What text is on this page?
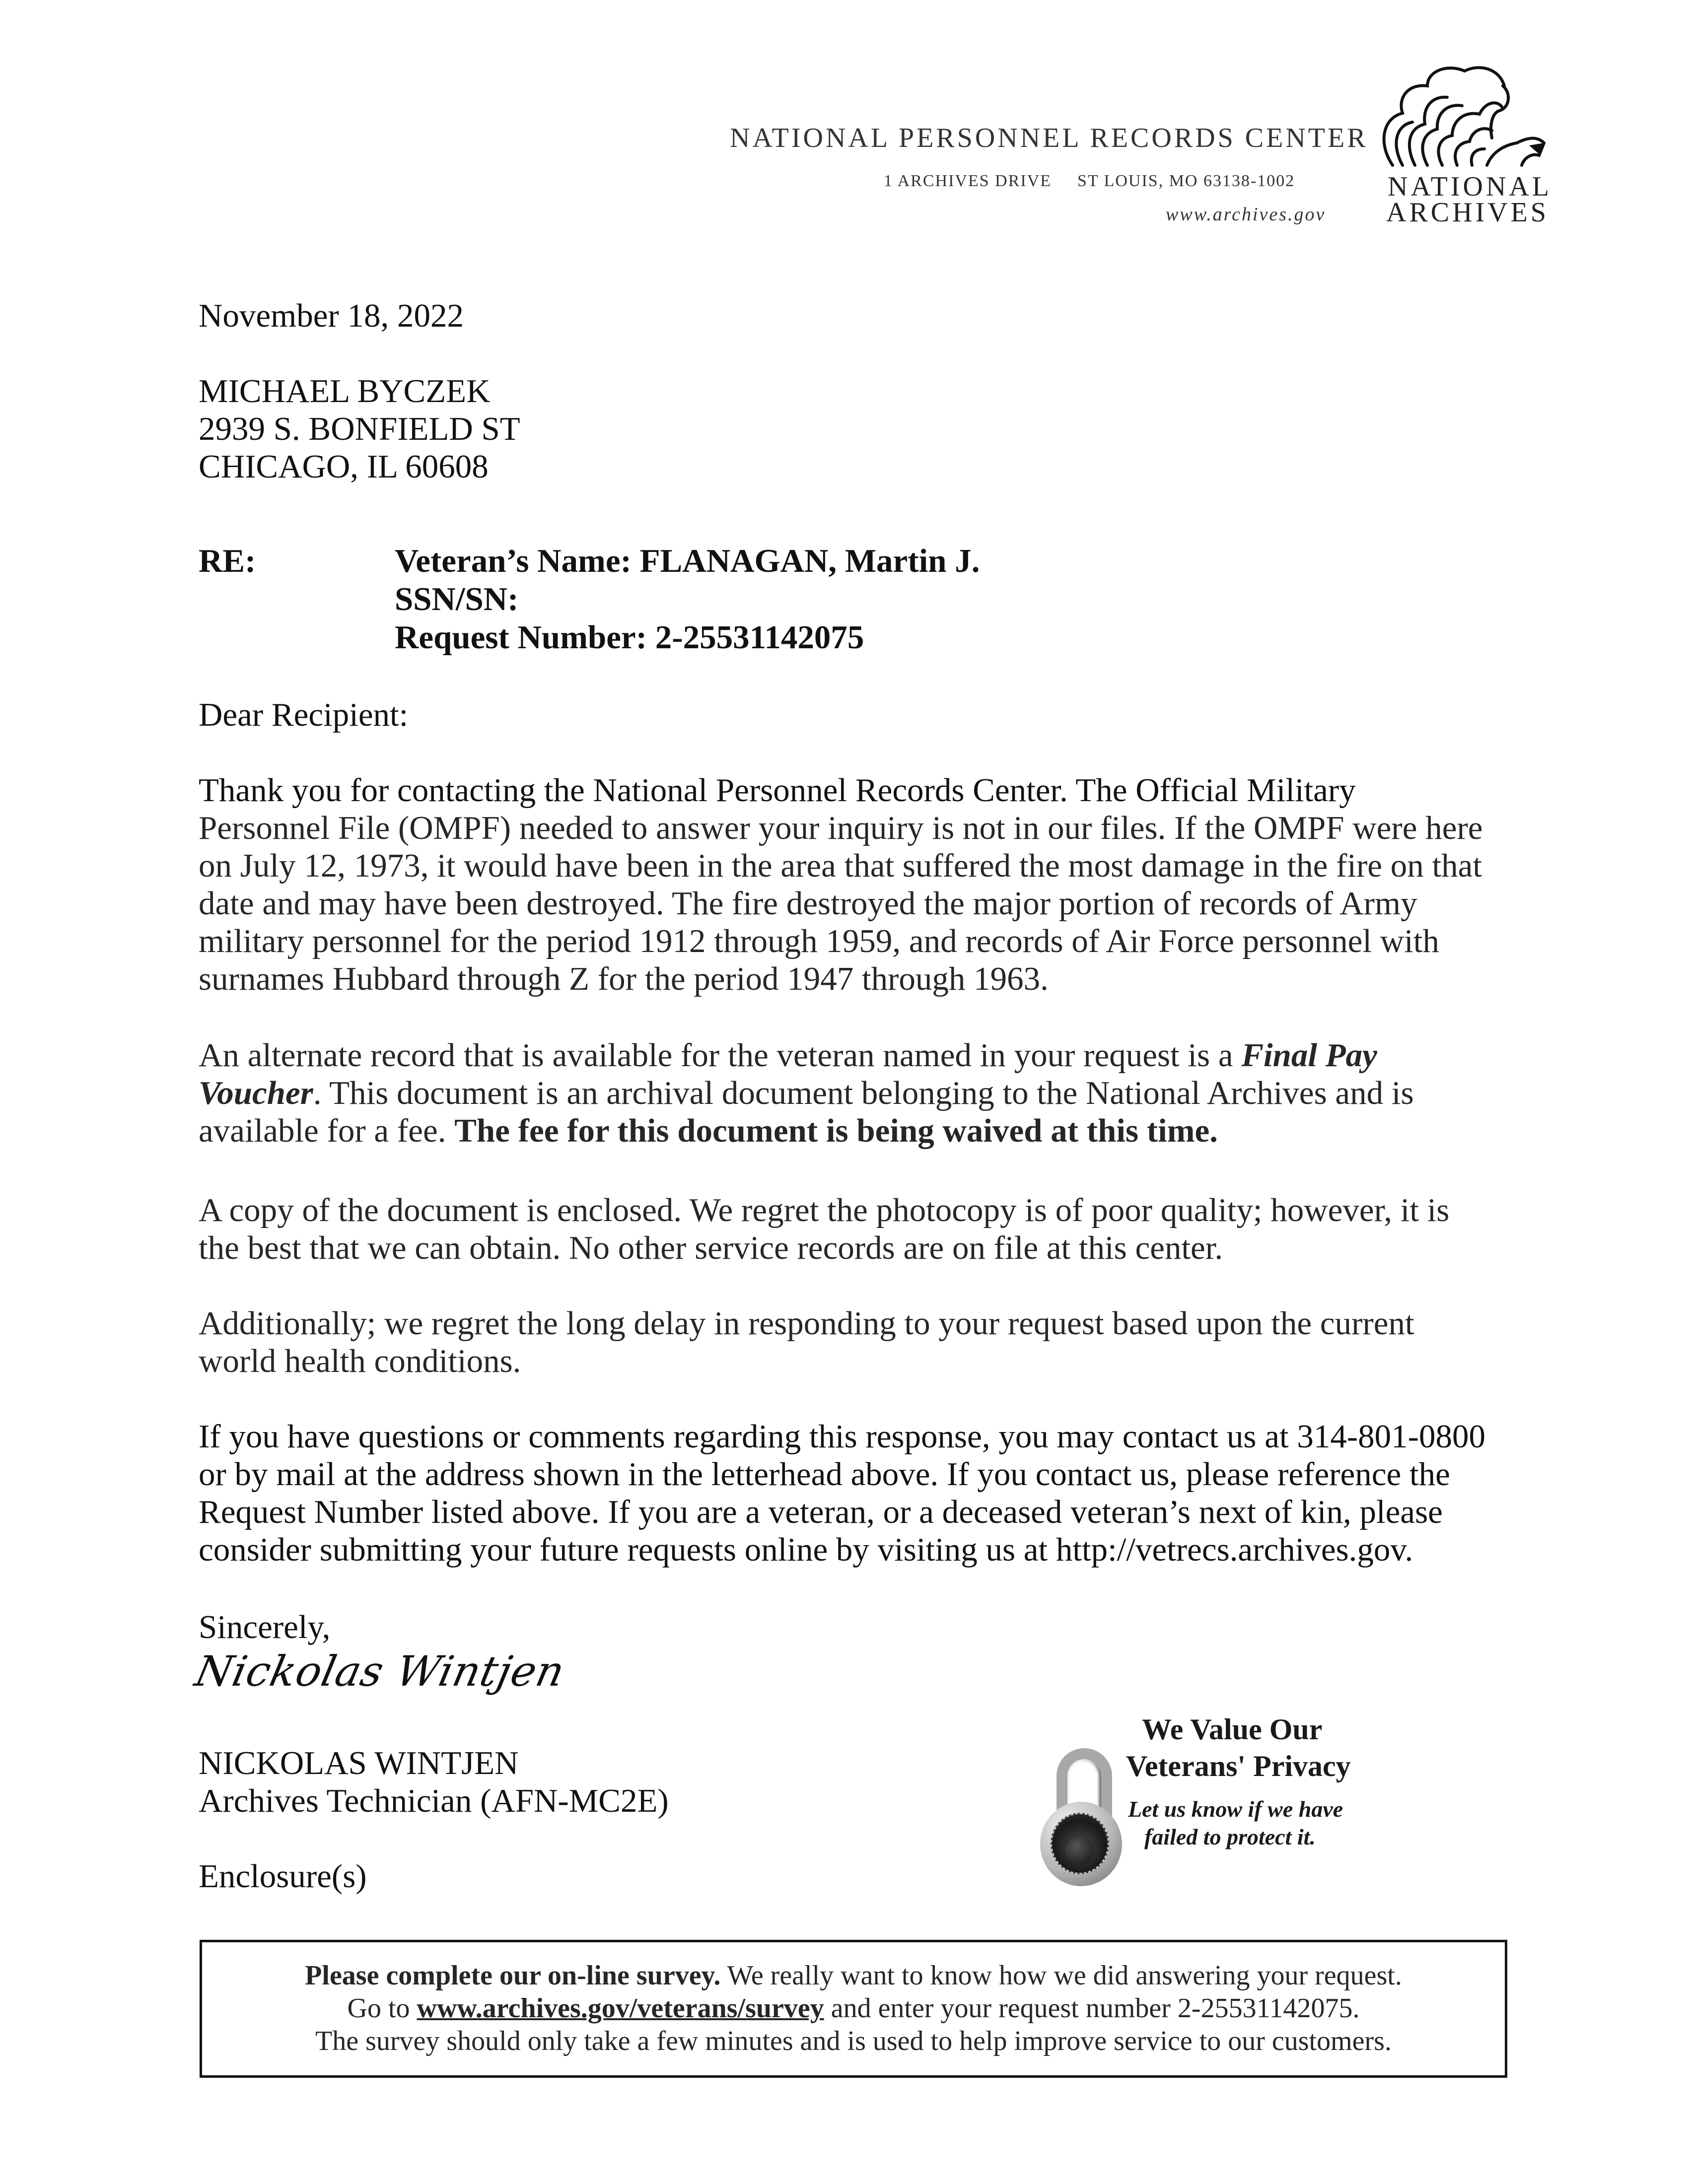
NATIONAL PERSONNEL RECORDS CENTER
1 ARCHIVES DRIVE ST LOUIS, MO 63138-1002
www.archives.gov
NATIONAL
ARCHIVES
November 18, 2022
MICHAEL BYCZEK
2939 S. BONFIELD ST
CHICAGO, IL 60608
RE:	Veteran’s Name: FLANAGAN, Martin J.
SSN/SN:
Request Number: 2-25531142075
Dear Recipient:
Thank you for contacting the National Personnel Records Center. The Official Military
Personnel File (OMPF) needed to answer your inquiry is not in our files. If the OMPF were here
on July 12, 1973, it would have been in the area that suffered the most damage in the fire on that
date and may have been destroyed. The fire destroyed the major portion of records of Army
military personnel for the period 1912 through 1959, and records of Air Force personnel with
surnames Hubbard through Z for the period 1947 through 1963.
An alternate record that is available for the veteran named in your request is a Final Pay
Voucher. This document is an archival document belonging to the National Archives and is
available for a fee. The fee for this document is being waived at this time.
A copy of the document is enclosed. We regret the photocopy is of poor quality; however, it is
the best that we can obtain. No other service records are on file at this center.
Additionally; we regret the long delay in responding to your request based upon the current
world health conditions.
If you have questions or comments regarding this response, you may contact us at 314-801-0800
or by mail at the address shown in the letterhead above. If you contact us, please reference the
Request Number listed above. If you are a veteran, or a deceased veteran’s next of kin, please
consider submitting your future requests online by visiting us at http://vetrecs.archives.gov.
Sincerely,
Nickolas Wintjen
NICKOLAS WINTJEN
Archives Technician (AFN-MC2E)
Enclosure(s)
We Value Our
Veterans' Privacy
Let us know if we have
failed to protect it.
Please complete our on-line survey. We really want to know how we did answering your request.
Go to www.archives.gov/veterans/survey and enter your request number 2-25531142075.
The survey should only take a few minutes and is used to help improve service to our customers.
